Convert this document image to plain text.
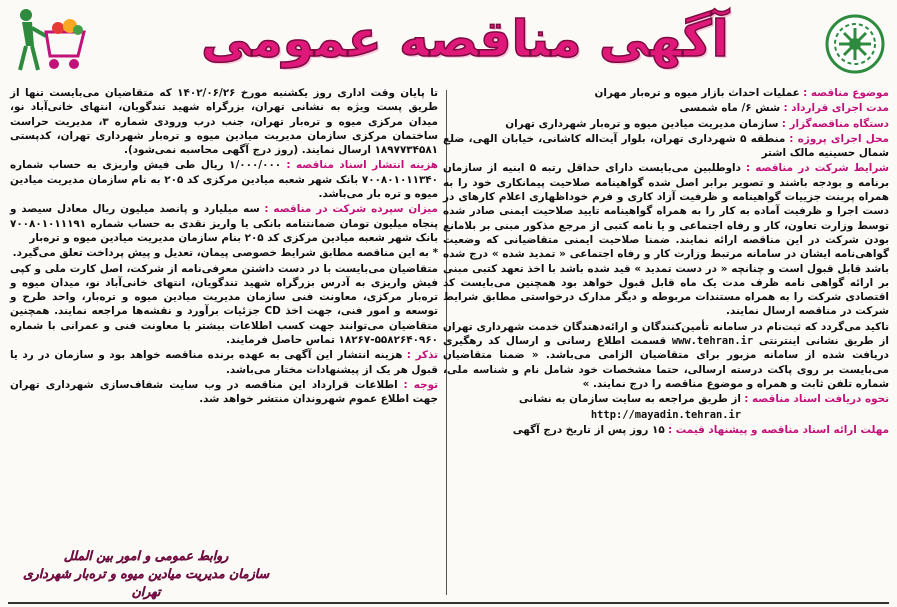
آگهی مناقصه عمومی

موضوع مناقصه : عملیات احداث بازار میوه و تره‌بار مهران

مدت اجرای قرارداد : شش ۶/ ماه شمسی

دستگاه مناقصه‌گزار : سازمان مدیریت میادین میوه و تره‌بار شهرداری تهران

محل اجرای پروژه : منطقه ۵ شهرداری تهران، بلوار آیت‌اله کاشانی، خیابان الهی، ضلع شمال حسینیه مالک اشتر

شرایط شرکت در مناقصه : داوطلبین می‌بایست دارای حداقل رتبه ۵ ابنیه از سازمان برنامه و بودجه باشند و تصویر برابر اصل شده گواهینامه صلاحیت پیمانکاری خود را به همراه پرینت جزییات گواهینامه و ظرفیت آزاد کاری و فرم خوداظهاری اعلام کارهای در دست اجرا و ظرفیت آماده به کار را به همراه گواهینامه تایید صلاحیت ایمنی صادر شده توسط وزارت تعاون، کار و رفاه اجتماعی و یا نامه کتبی از مرجع مذکور مبنی بر بلامانع بودن شرکت در این مناقصه ارائه نمایند. ضمنا صلاحیت ایمنی متقاضیانی که وضعیت گواهی‌نامه ایشان در سامانه مرتبط وزارت کار و رفاه اجتماعی « تمدید شده » درج شده باشد قابل قبول است و چنانچه « در دست تمدید » قید شده باشد با اخذ تعهد کتبی مبنی بر ارائه گواهی نامه ظرف مدت یک ماه قابل قبول خواهد بود همچنین می‌بایست کد اقتصادی شرکت را به همراه مستندات مربوطه و دیگر مدارک درخواستی مطابق شرایط شرکت در مناقصه ارسال نمایند.

تاکید می‌گردد که ثبت‌نام در سامانه تأمین‌کنندگان و ارائه‌دهندگان خدمت شهرداری تهران از طریق نشانی اینترنتی www.tehran.ir قسمت اطلاع رسانی و ارسال کد رهگیری دریافت شده از سامانه مزبور برای متقاضیان الزامی می‌باشد. « ضمنا متقاضیان می‌بایست بر روی پاکت درسته ارسالی، حتما مشخصات خود شامل نام و شناسه ملی، شماره تلفن ثابت و همراه و موضوع مناقصه را درج نمایند. »

نحوه دریافت اسناد مناقصه : از طریق مراجعه به سایت سازمان به نشانی

http://mayadin.tehran.ir

مهلت ارائه اسناد مناقصه و پیشنهاد قیمت : ۱۵ روز پس از تاریخ درج آگهی

تا پایان وقت اداری روز یکشنبه مورخ ۱۴۰۲/۰۶/۲۶ که متقاضیان می‌بایست تنها از طریق پست ویژه به نشانی تهران، بزرگراه شهید تندگویان، انتهای خانی‌آباد نو، میدان مرکزی میوه و تره‌بار تهران، جنب درب ورودی شماره ۳، مدیریت حراست ساختمان مرکزی سازمان مدیریت میادین میوه و تره‌بار شهرداری تهران، کدپستی ۱۸۹۷۷۳۴۵۸۱ ارسال نمایند. (روز درج آگهی محاسبه نمی‌شود).

هزینه انتشار اسناد مناقصه : ۱/۰۰۰/۰۰۰ ریال طی فیش واریزی به حساب شماره ۷۰۰۸۰۱۰۱۱۳۴۰ بانک شهر شعبه میادین مرکزی کد ۲۰۵ به نام سازمان مدیریت میادین میوه و تره بار می‌باشد.

میزان سپرده شرکت در مناقصه : سه میلیارد و پانصد میلیون ریال معادل سیصد و پنجاه میلیون تومان ضمانتنامه بانکی یا واریز نقدی به حساب شماره ۷۰۰۸۰۱۰۱۱۱۹۱ بانک شهر شعبه میادین مرکزی کد ۲۰۵ بنام سازمان مدیریت میادین میوه و تره‌بار

* به این مناقصه مطابق شرایط خصوصی پیمان، تعدیل و پیش پرداخت تعلق می‌گیرد.

متقاضیان می‌بایست با در دست داشتن معرفی‌نامه از شرکت، اصل کارت ملی و کپی فیش واریزی به آدرس بزرگراه شهید تندگویان، انتهای خانی‌آباد نو، میدان میوه و تره‌بار مرکزی، معاونت فنی سازمان مدیریت میادین میوه و تره‌بار، واحد طرح و توسعه و امور فنی، جهت اخذ CD جزئیات برآورد و نقشه‌ها مراجعه نمایند. همچنین متقاضیان می‌توانند جهت کسب اطلاعات بیشتر با معاونت فنی و عمرانی با شماره ۵۵۸۲۶۴۰۹۶۰-۱۸۲۶۷ تماس حاصل فرمایند.

تذکر : هزینه انتشار این آگهی به عهده برنده مناقصه خواهد بود و سازمان در رد یا قبول هر یک از پیشنهادات مختار می‌باشد.

توجه : اطلاعات قرارداد این مناقصه در وب سایت شفاف‌سازی شهرداری تهران جهت اطلاع عموم شهروندان منتشر خواهد شد.

روابط عمومی و امور بین الملل
سازمان مدیریت میادین میوه و تره‌بار شهرداری تهران
